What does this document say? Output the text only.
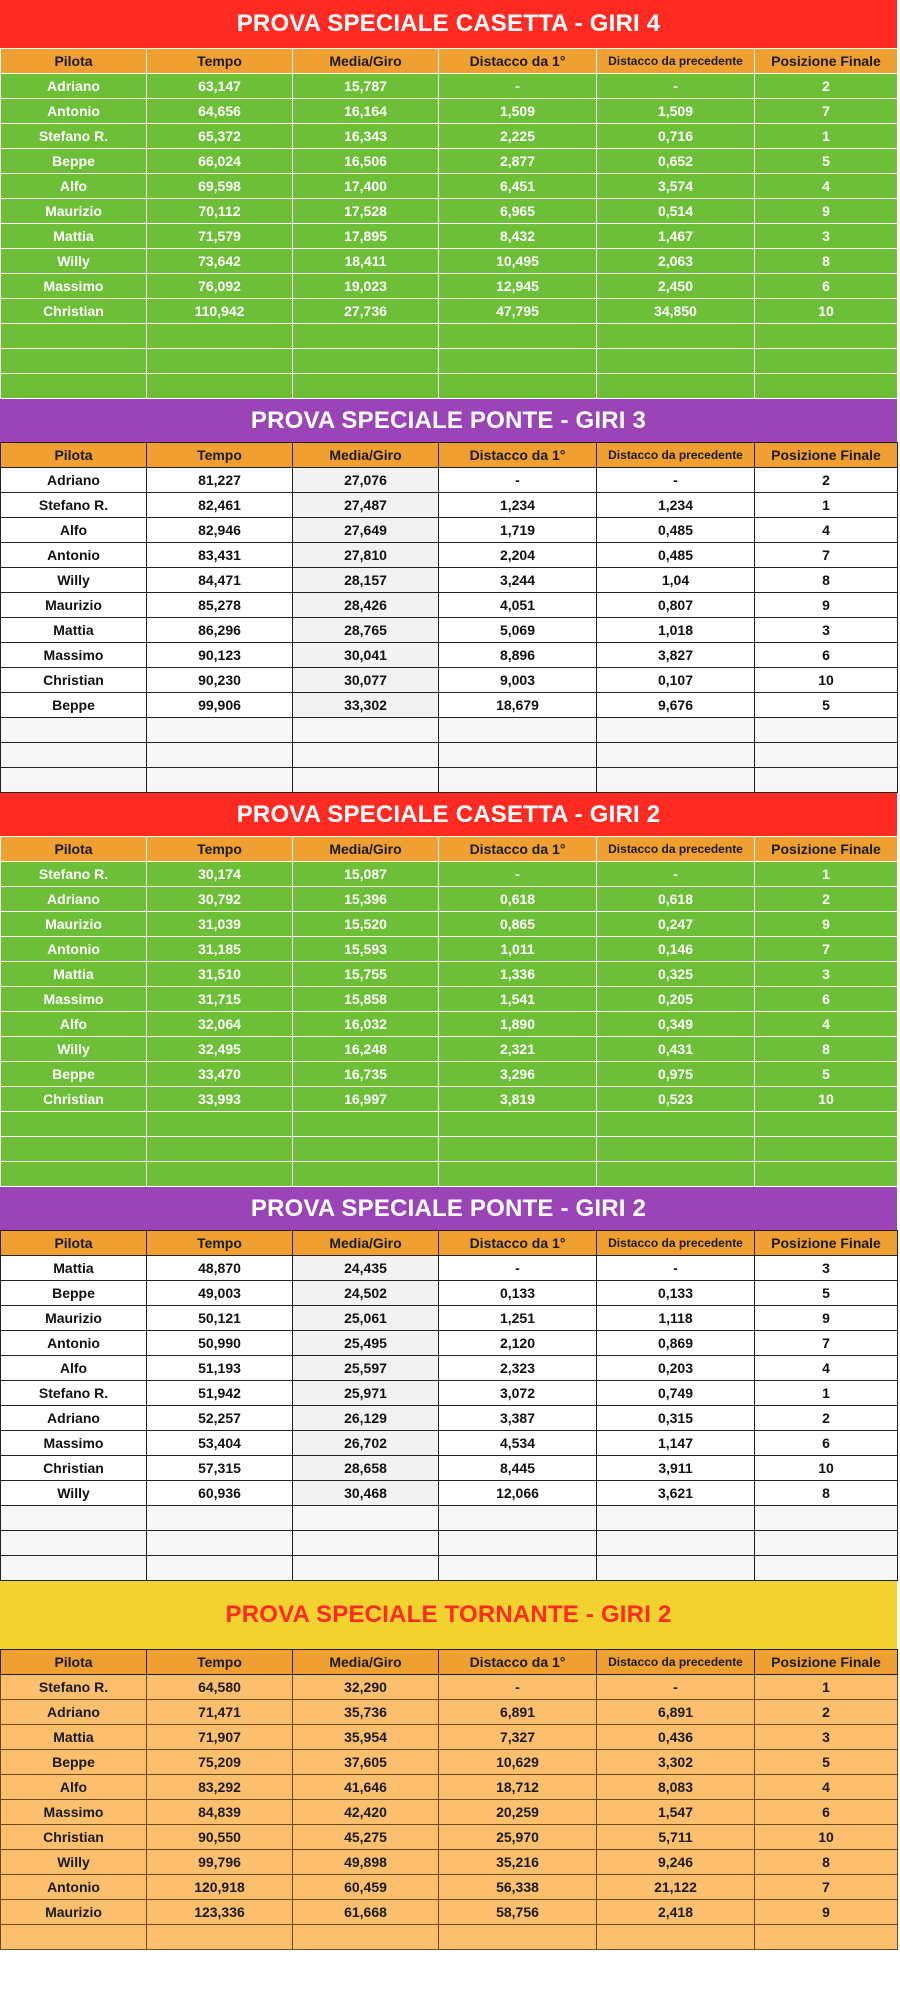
PROVA SPECIALE CASETTA - GIRI 4
Pilota	Tempo	Media/Giro	Distacco da 1°	Distacco da precedente	Posizione Finale
Adriano	63,147	15,787	-	-	2
Antonio	64,656	16,164	1,509	1,509	7
Stefano R.	65,372	16,343	2,225	0,716	1
Beppe	66,024	16,506	2,877	0,652	5
Alfo	69,598	17,400	6,451	3,574	4
Maurizio	70,112	17,528	6,965	0,514	9
Mattia	71,579	17,895	8,432	1,467	3
Willy	73,642	18,411	10,495	2,063	8
Massimo	76,092	19,023	12,945	2,450	6
Christian	110,942	27,736	47,795	34,850	10

PROVA SPECIALE PONTE - GIRI 3
Pilota	Tempo	Media/Giro	Distacco da 1°	Distacco da precedente	Posizione Finale
Adriano	81,227	27,076	-	-	2
Stefano R.	82,461	27,487	1,234	1,234	1
Alfo	82,946	27,649	1,719	0,485	4
Antonio	83,431	27,810	2,204	0,485	7
Willy	84,471	28,157	3,244	1,04	8
Maurizio	85,278	28,426	4,051	0,807	9
Mattia	86,296	28,765	5,069	1,018	3
Massimo	90,123	30,041	8,896	3,827	6
Christian	90,230	30,077	9,003	0,107	10
Beppe	99,906	33,302	18,679	9,676	5

PROVA SPECIALE CASETTA - GIRI 2
Pilota	Tempo	Media/Giro	Distacco da 1°	Distacco da precedente	Posizione Finale
Stefano R.	30,174	15,087	-	-	1
Adriano	30,792	15,396	0,618	0,618	2
Maurizio	31,039	15,520	0,865	0,247	9
Antonio	31,185	15,593	1,011	0,146	7
Mattia	31,510	15,755	1,336	0,325	3
Massimo	31,715	15,858	1,541	0,205	6
Alfo	32,064	16,032	1,890	0,349	4
Willy	32,495	16,248	2,321	0,431	8
Beppe	33,470	16,735	3,296	0,975	5
Christian	33,993	16,997	3,819	0,523	10

PROVA SPECIALE PONTE - GIRI 2
Pilota	Tempo	Media/Giro	Distacco da 1°	Distacco da precedente	Posizione Finale
Mattia	48,870	24,435	-	-	3
Beppe	49,003	24,502	0,133	0,133	5
Maurizio	50,121	25,061	1,251	1,118	9
Antonio	50,990	25,495	2,120	0,869	7
Alfo	51,193	25,597	2,323	0,203	4
Stefano R.	51,942	25,971	3,072	0,749	1
Adriano	52,257	26,129	3,387	0,315	2
Massimo	53,404	26,702	4,534	1,147	6
Christian	57,315	28,658	8,445	3,911	10
Willy	60,936	30,468	12,066	3,621	8

PROVA SPECIALE TORNANTE - GIRI 2
Pilota	Tempo	Media/Giro	Distacco da 1°	Distacco da precedente	Posizione Finale
Stefano R.	64,580	32,290	-	-	1
Adriano	71,471	35,736	6,891	6,891	2
Mattia	71,907	35,954	7,327	0,436	3
Beppe	75,209	37,605	10,629	3,302	5
Alfo	83,292	41,646	18,712	8,083	4
Massimo	84,839	42,420	20,259	1,547	6
Christian	90,550	45,275	25,970	5,711	10
Willy	99,796	49,898	35,216	9,246	8
Antonio	120,918	60,459	56,338	21,122	7
Maurizio	123,336	61,668	58,756	2,418	9
